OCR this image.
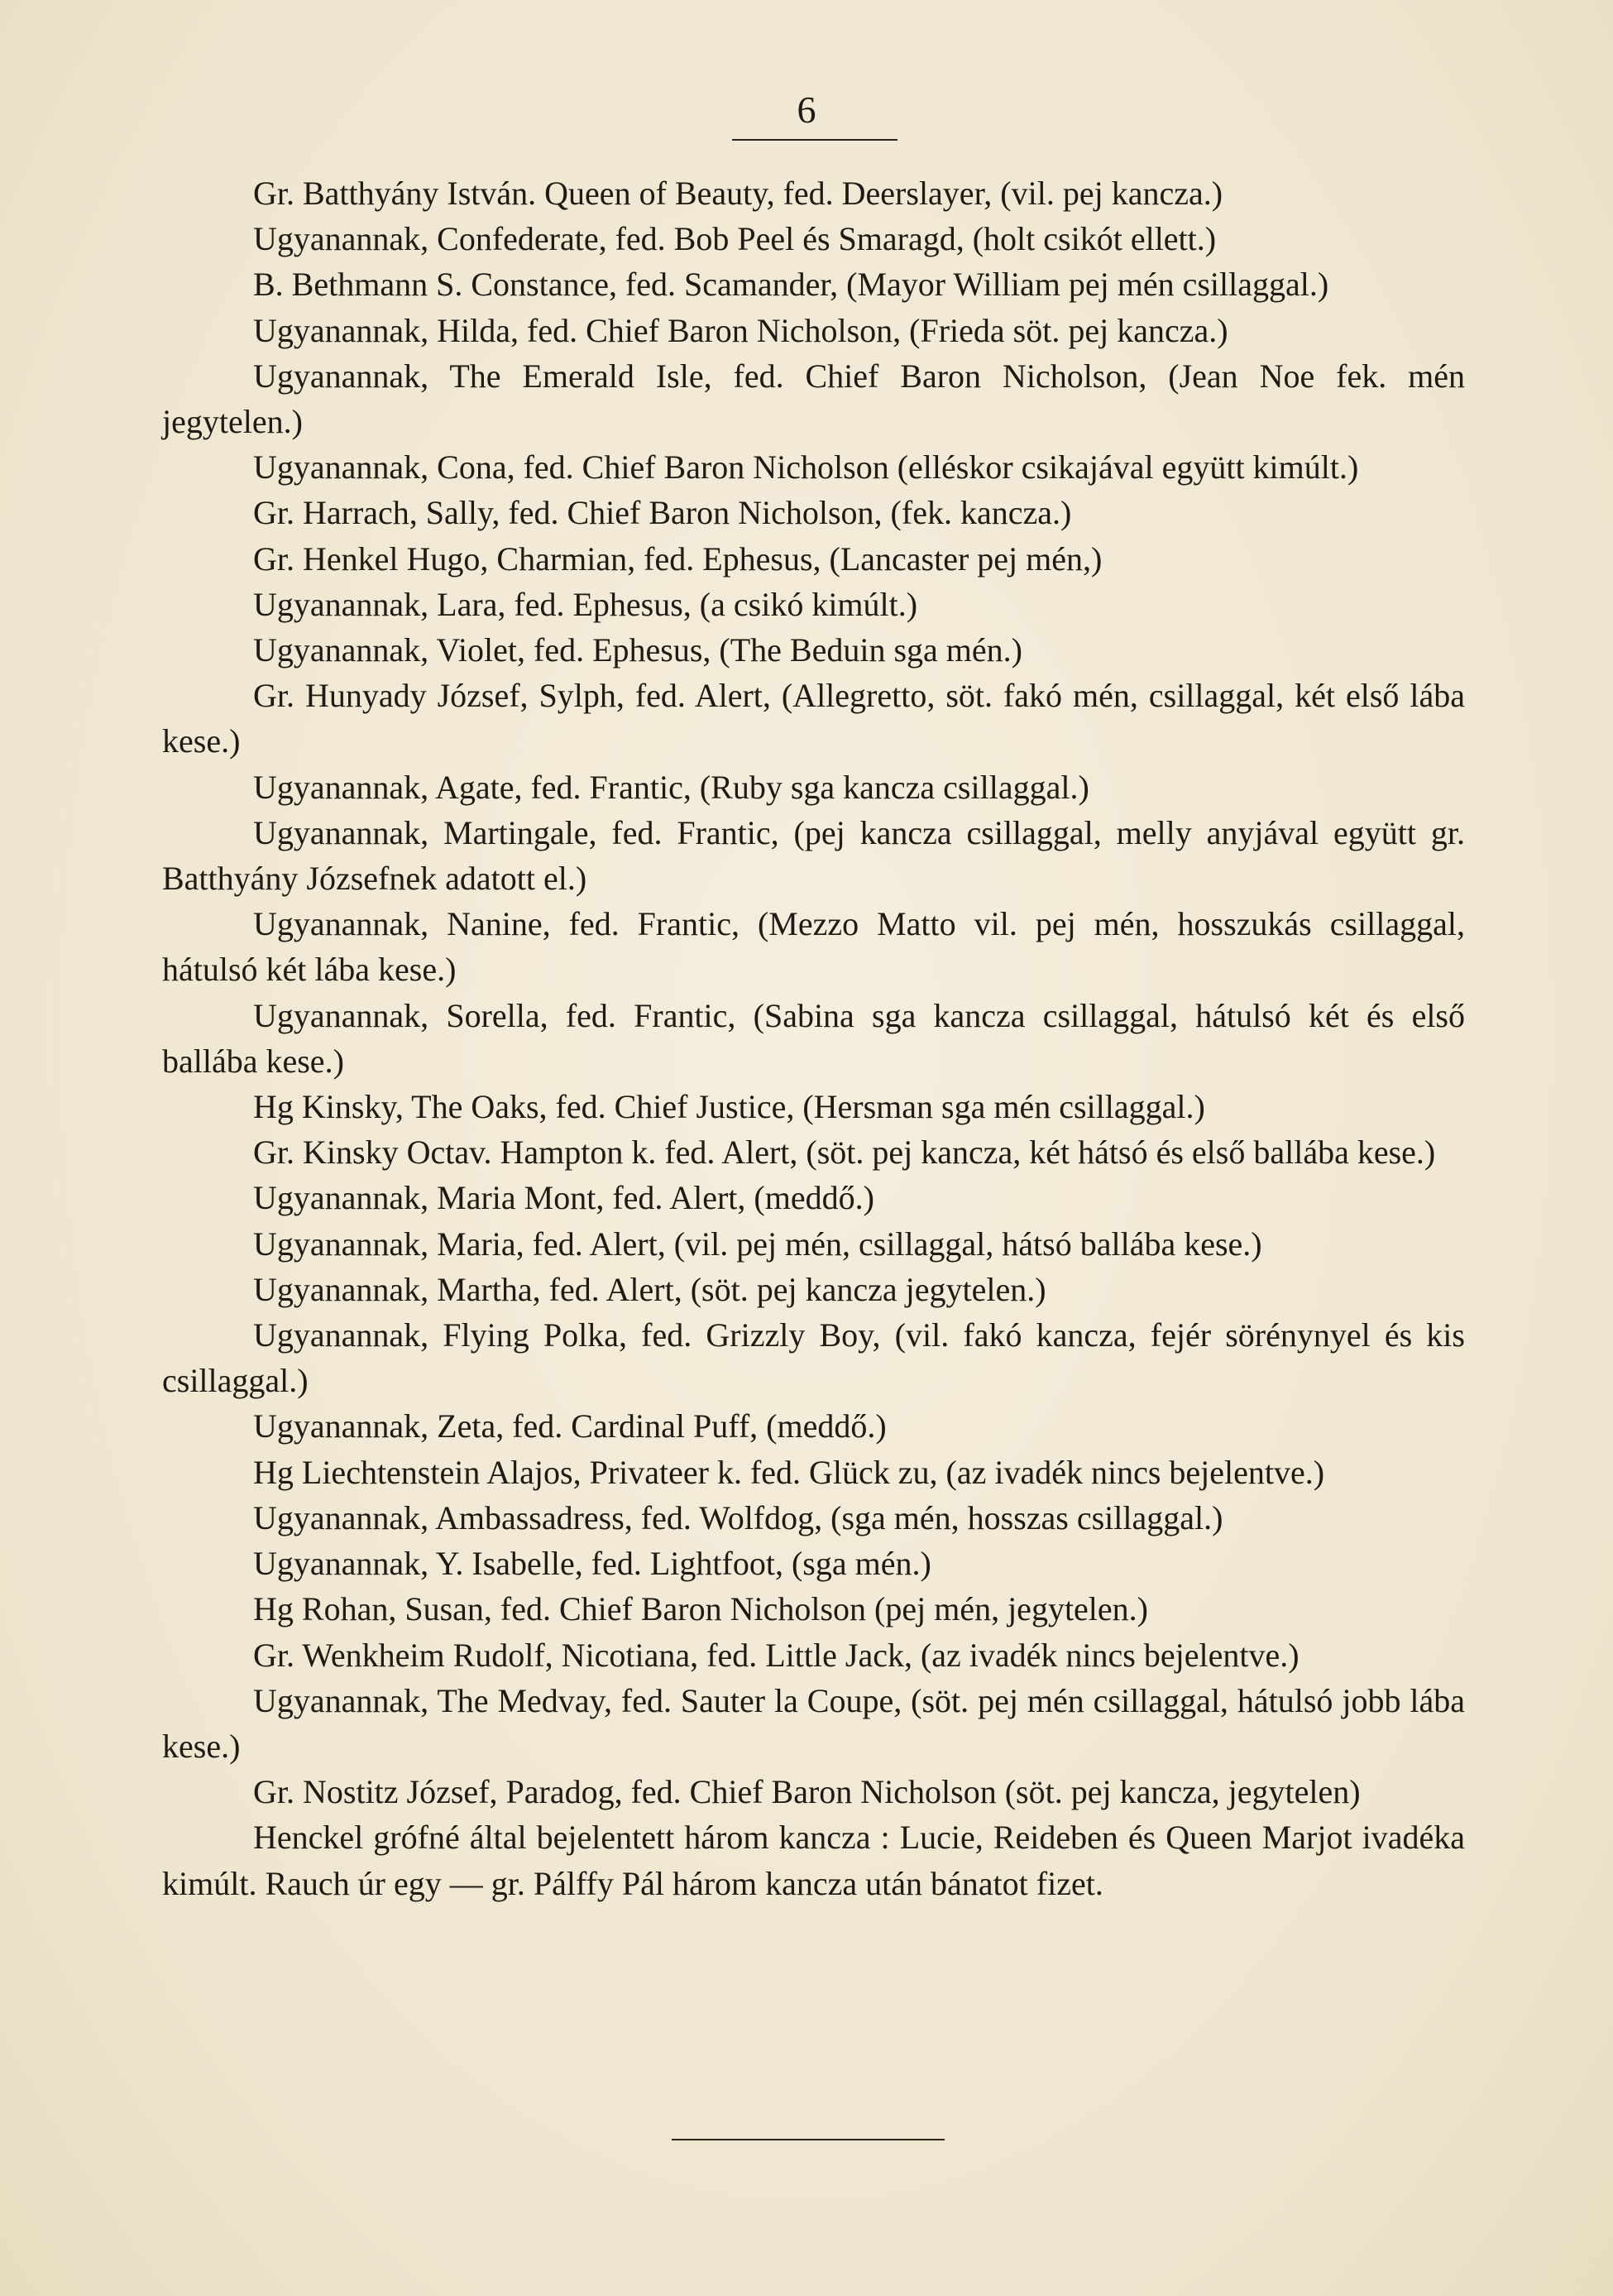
6

Gr. Batthyány István. Queen of Beauty, fed. Deerslayer, (vil. pej kancza.)

Ugyanannak, Confederate, fed. Bob Peel és Smaragd, (holt csikót ellett.)

B. Bethmann S. Constance, fed. Scamander, (Mayor William pej mén csillaggal.)

Ugyanannak, Hilda, fed. Chief Baron Nicholson, (Frieda söt. pej kancza.)

Ugyanannak, The Emerald Isle, fed. Chief Baron Nicholson, (Jean Noe fek. mén jegytelen.)

Ugyanannak, Cona, fed. Chief Baron Nicholson (elléskor csikajával együtt kimúlt.)

Gr. Harrach, Sally, fed. Chief Baron Nicholson, (fek. kancza.)

Gr. Henkel Hugo, Charmian, fed. Ephesus, (Lancaster pej mén,)

Ugyanannak, Lara, fed. Ephesus, (a csikó kimúlt.)

Ugyanannak, Violet, fed. Ephesus, (The Beduin sga mén.)

Gr. Hunyady József, Sylph, fed. Alert, (Allegretto, söt. fakó mén, csillaggal, két első lába kese.)

Ugyanannak, Agate, fed. Frantic, (Ruby sga kancza csillaggal.)

Ugyanannak, Martingale, fed. Frantic, (pej kancza csillaggal, melly anyjával együtt gr. Batthyány Józsefnek adatott el.)

Ugyanannak, Nanine, fed. Frantic, (Mezzo Matto vil. pej mén, hosszukás csillaggal, hátulsó két lába kese.)

Ugyanannak, Sorella, fed. Frantic, (Sabina sga kancza csillaggal, hátulsó két és első ballába kese.)

Hg Kinsky, The Oaks, fed. Chief Justice, (Hersman sga mén csillaggal.)

Gr. Kinsky Octav. Hampton k. fed. Alert, (söt. pej kancza, két hátsó és első ballába kese.)

Ugyanannak, Maria Mont, fed. Alert, (meddő.)

Ugyanannak, Maria, fed. Alert, (vil. pej mén, csillaggal, hátsó ballába kese.)

Ugyanannak, Martha, fed. Alert, (söt. pej kancza jegytelen.)

Ugyanannak, Flying Polka, fed. Grizzly Boy, (vil. fakó kancza, fejér sörénynyel és kis csillaggal.)

Ugyanannak, Zeta, fed. Cardinal Puff, (meddő.)

Hg Liechtenstein Alajos, Privateer k. fed. Glück zu, (az ivadék nincs bejelentve.)

Ugyanannak, Ambassadress, fed. Wolfdog, (sga mén, hosszas csillaggal.)

Ugyanannak, Y. Isabelle, fed. Lightfoot, (sga mén.)

Hg Rohan, Susan, fed. Chief Baron Nicholson (pej mén, jegytelen.)

Gr. Wenkheim Rudolf, Nicotiana, fed. Little Jack, (az ivadék nincs bejelentve.)

Ugyanannak, The Medvay, fed. Sauter la Coupe, (söt. pej mén csillaggal, hátulsó jobb lába kese.)

Gr. Nostitz József, Paradog, fed. Chief Baron Nicholson (söt. pej kancza, jegytelen)

Henckel grófné által bejelentett három kancza : Lucie, Reideben és Queen Marjot ivadéka kimúlt. Rauch úr egy — gr. Pálffy Pál három kancza után bánatot fizet.
